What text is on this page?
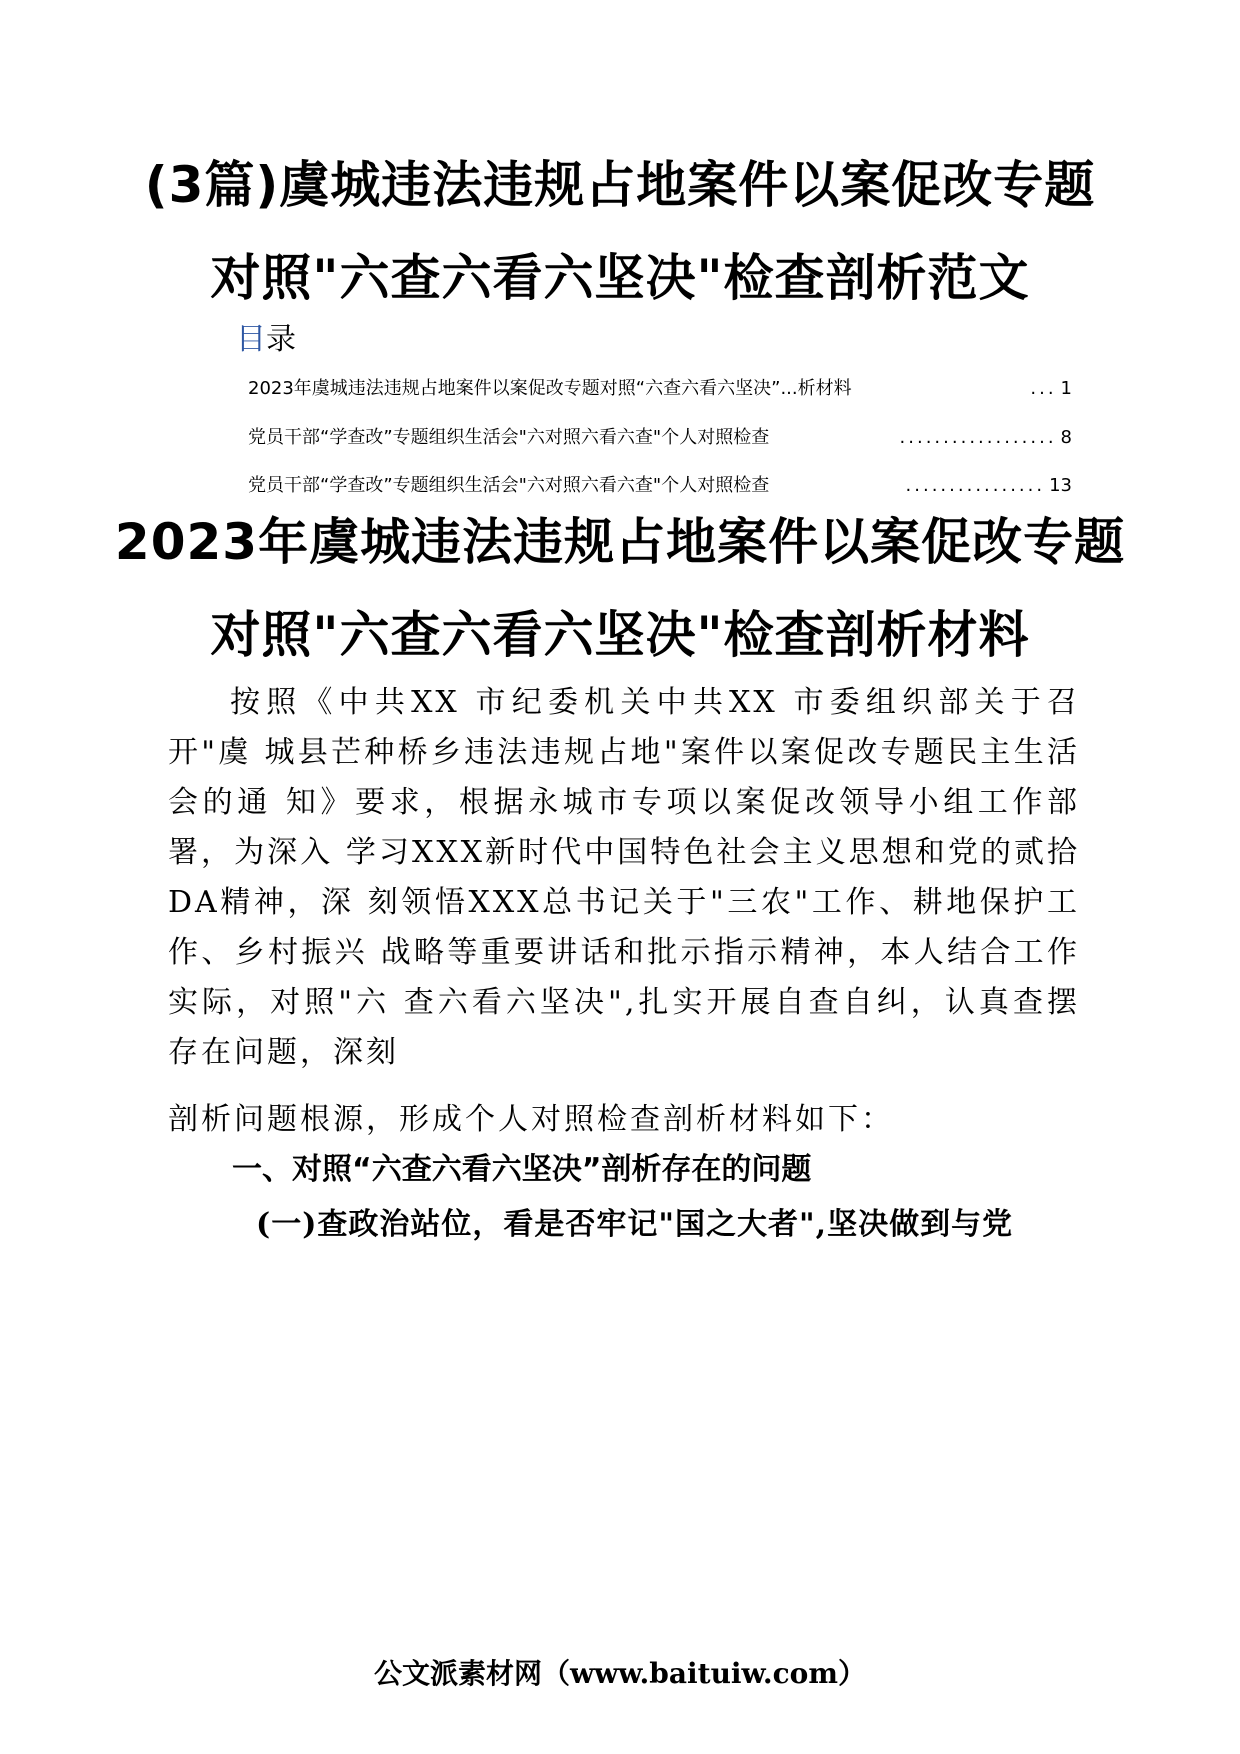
(3篇)虞城违法违规占地案件以案促改专题
对照"六查六看六坚决"检查剖析范文
目录
2023年虞城违法违规占地案件以案促改专题对照“六查六看六坚决”...析材料	... 1
党员干部“学查改”专题组织生活会"六对照六看六查"个人对照检查	.................. 8
党员干部“学查改”专题组织生活会"六对照六看六查"个人对照检查	................ 13
2023年虞城违法违规占地案件以案促改专题
对照"六查六看六坚决"检查剖析材料
按照《中共XX 市纪委机关中共XX 市委组织部关于召开"虞 城县芒种桥乡违法违规占地"案件以案促改专题民主生活会的通 知》要求，根据永城市专项以案促改领导小组工作部署，为深入 学习XXX新时代中国特色社会主义思想和党的贰拾DA精神，深 刻领悟XXX总书记关于"三农"工作、耕地保护工作、乡村振兴 战略等重要讲话和批示指示精神，本人结合工作实际，对照"六 查六看六坚决",扎实开展自查自纠，认真查摆存在问题，深刻
剖析问题根源，形成个人对照检查剖析材料如下：
一、对照“六查六看六坚决”剖析存在的问题
(一)查政治站位，看是否牢记"国之大者",坚决做到与党
公文派素材网（www.baituiw.com）
